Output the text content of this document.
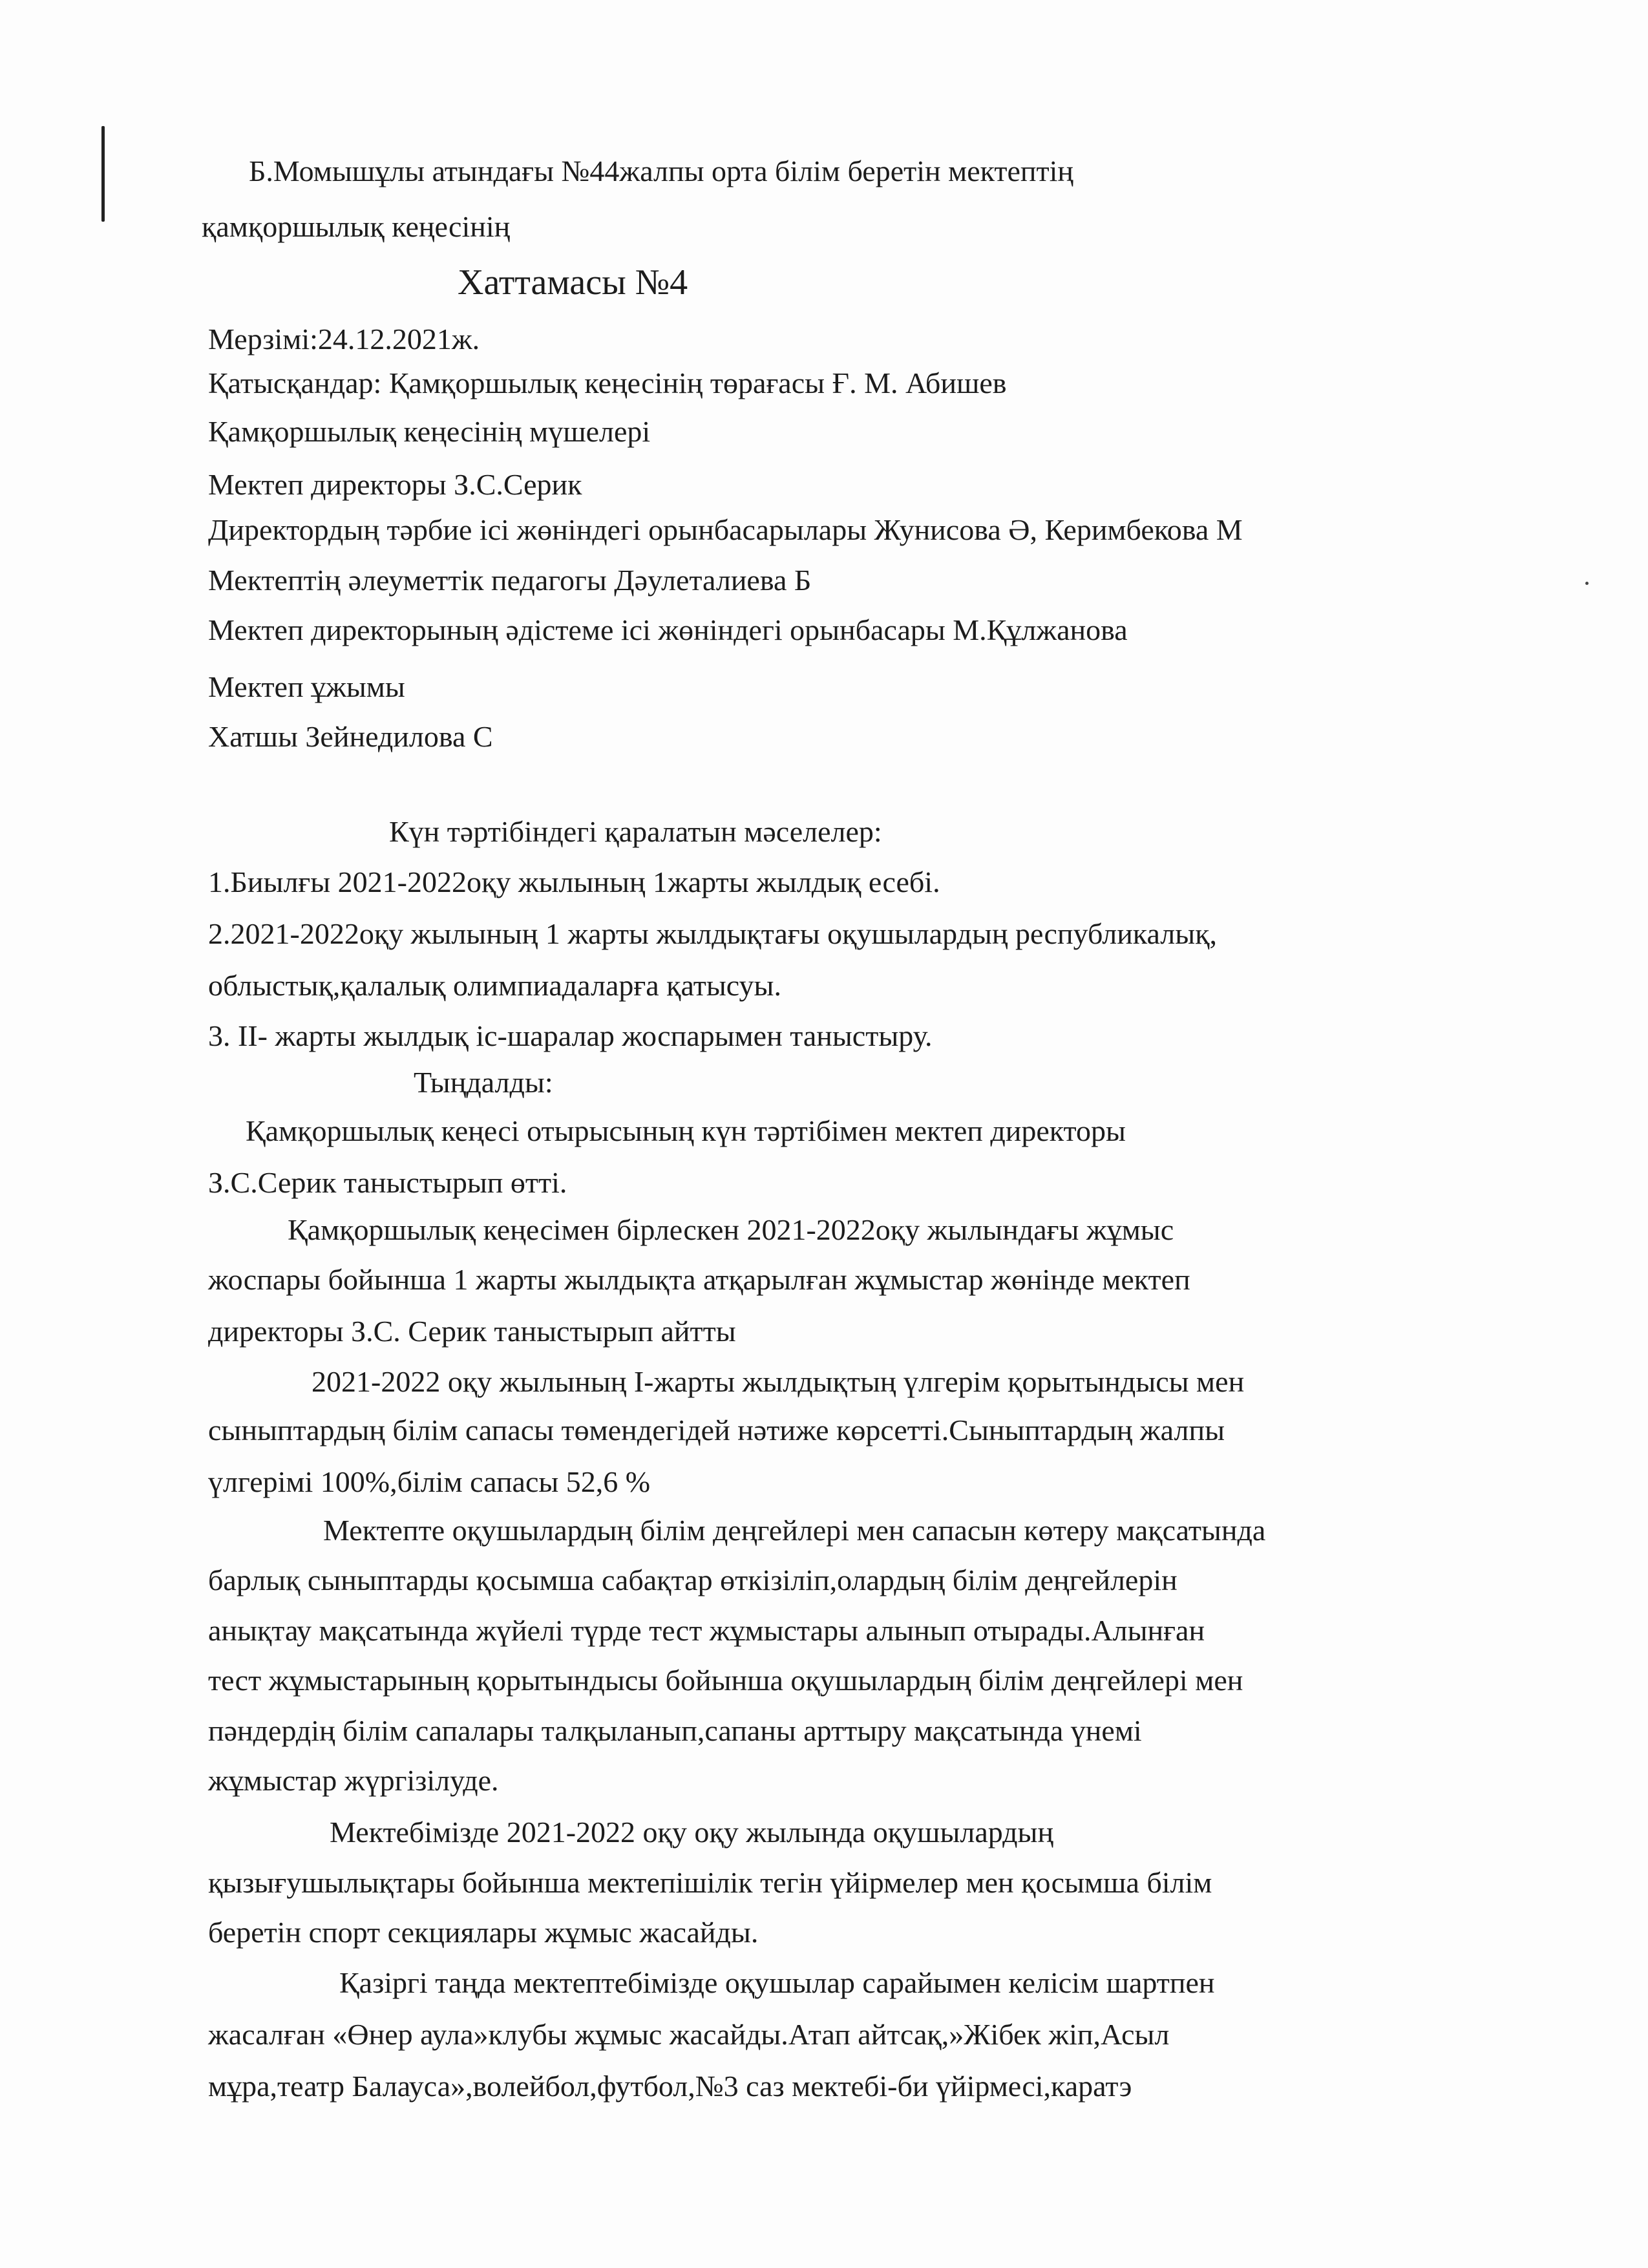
Б.Момышұлы атындағы №44жалпы орта білім беретін мектептің
қамқоршылық кеңесінің
Хаттамасы №4
Мерзімі:24.12.2021ж.
Қатысқандар: Қамқоршылық кеңесінің төрағасы Ғ. М. Абишев
Қамқоршылық кеңесінің мүшелері
Мектеп директоры З.С.Серик
Директордың тәрбие ісі жөніндегі орынбасарылары Жунисова Ә, Керимбекова М
Мектептің әлеуметтік педагогы Дәулеталиева Б
Мектеп директорының әдістеме ісі жөніндегі орынбасары М.Құлжанова
Мектеп ұжымы
Хатшы Зейнедилова С
Күн тәртібіндегі қаралатын мәселелер:
1.Биылғы 2021-2022оқу жылының 1жарты жылдық есебі.
2.2021-2022оқу жылының 1 жарты жылдықтағы оқушылардың республикалық,
облыстық,қалалық олимпиадаларға қатысуы.
3. II- жарты жылдық іс-шаралар жоспарымен таныстыру.
Тыңдалды:
Қамқоршылық кеңесі отырысының күн тәртібімен мектеп директоры
З.С.Серик таныстырып өтті.
Қамқоршылық кеңесімен бірлескен 2021-2022оқу жылындағы жұмыс
жоспары бойынша 1 жарты жылдықта атқарылған жұмыстар жөнінде мектеп
директоры З.С. Серик таныстырып айтты
2021-2022 оқу жылының I-жарты жылдықтың үлгерім қорытындысы мен
сыныптардың білім сапасы төмендегідей нәтиже көрсетті.Сыныптардың жалпы
үлгерімі 100%,білім сапасы 52,6 %
Мектепте оқушылардың білім деңгейлері мен сапасын көтеру мақсатында
барлық сыныптарды қосымша сабақтар өткізіліп,олардың білім деңгейлерін
анықтау мақсатында жүйелі түрде тест жұмыстары алынып отырады.Алынған
тест жұмыстарының қорытындысы бойынша оқушылардың білім деңгейлері мен
пәндердің білім сапалары талқыланып,сапаны арттыру мақсатында үнемі
жұмыстар жүргізілуде.
Мектебімізде 2021-2022 оқу оқу жылында оқушылардың
қызығушылықтары бойынша мектепішілік тегін үйірмелер мен қосымша білім
беретін спорт секциялары жұмыс жасайды.
Қазіргі таңда мектептебімізде оқушылар сарайымен келісім шартпен
жасалған «Өнер аула»клубы жұмыс жасайды.Атап айтсақ,»Жібек жіп,Асыл
мұра,театр Балауса»,волейбол,футбол,№3 саз мектебі-би үйірмесі,каратэ
